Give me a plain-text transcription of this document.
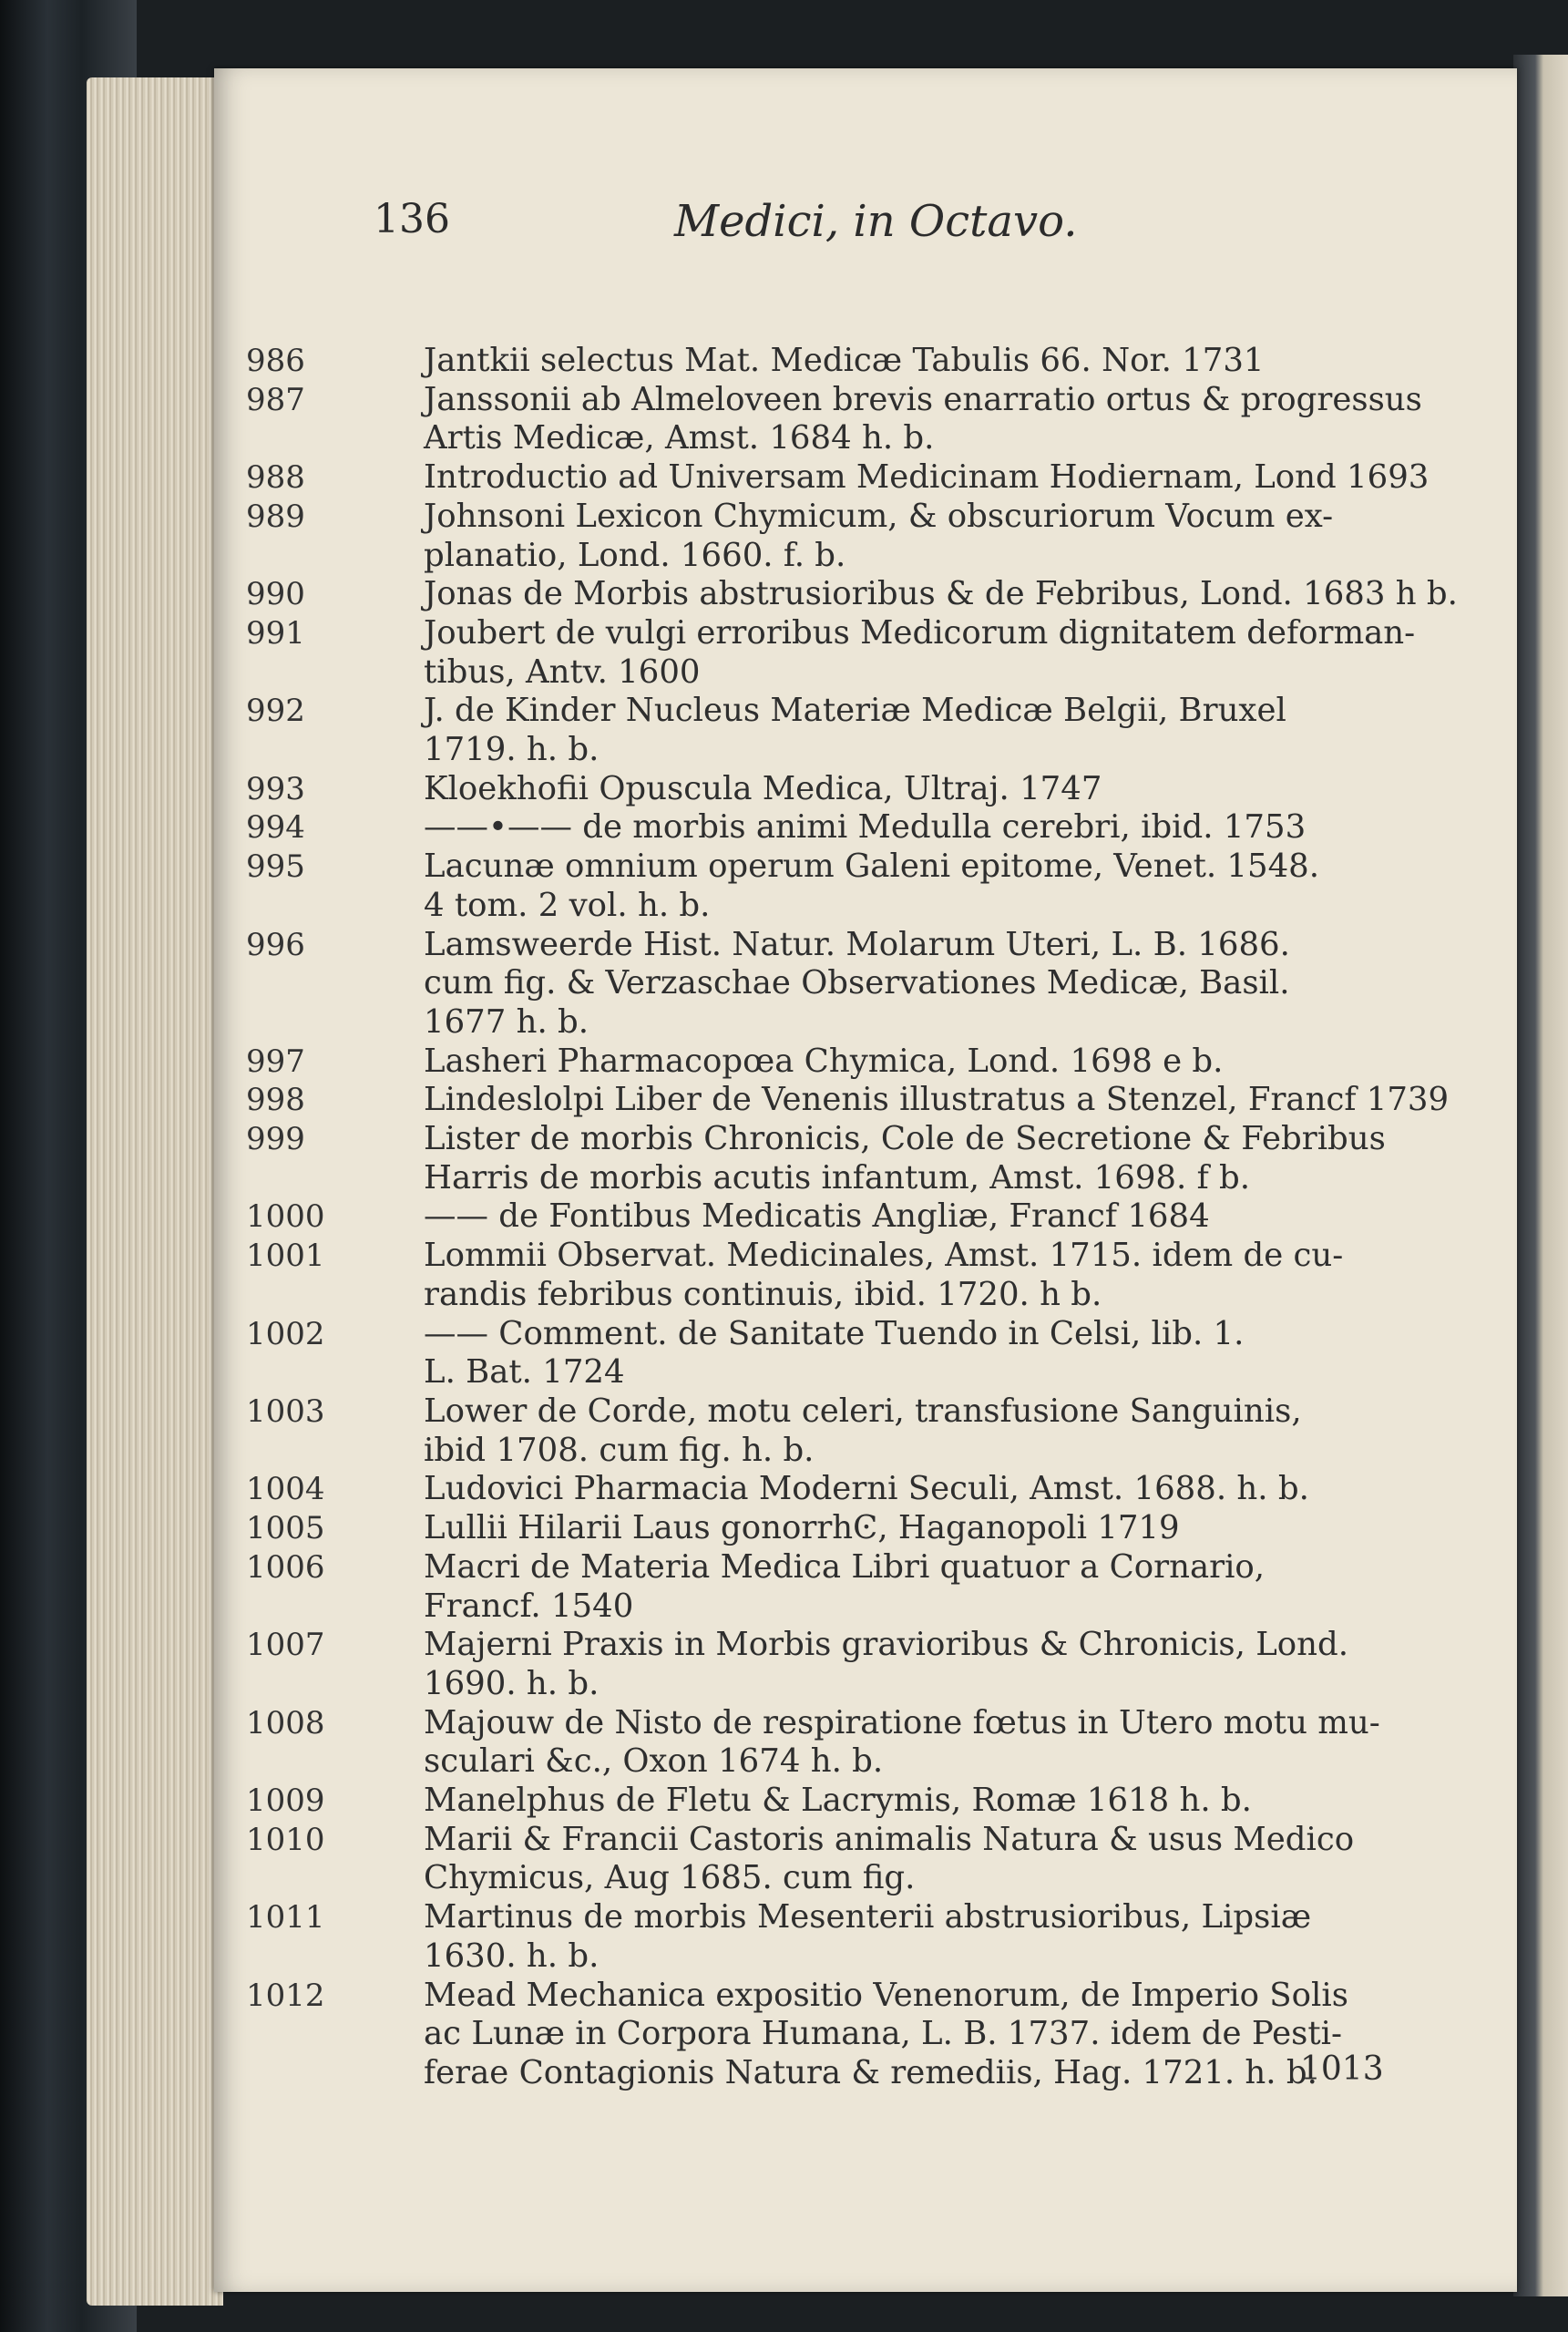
136	Medici, in Octavo.
986	Jantkii selectus Mat. Medicæ Tabulis 66. Nor. 1731
987	Janssonii ab Almeloveen brevis enarratio ortus & progressus
Artis Medicæ, Amst. 1684 h. b.
988	Introductio ad Universam Medicinam Hodiernam, Lond 1693
989	Johnsoni Lexicon Chymicum, & obscuriorum Vocum ex-
planatio, Lond. 1660. f. b.
990	Jonas de Morbis abstrusioribus & de Febribus, Lond. 1683 h b.
991	Joubert de vulgi erroribus Medicorum dignitatem deforman-
tibus, Antv. 1600
992	J. de Kinder Nucleus Materiæ Medicæ Belgii, Bruxel
1719. h. b.
993	Kloekhofii Opuscula Medica, Ultraj. 1747
994	——•—— de morbis animi Medulla cerebri, ibid. 1753
995	Lacunæ omnium operum Galeni epitome, Venet. 1548.
4 tom. 2 vol. h. b.
996	Lamsweerde Hist. Natur. Molarum Uteri, L. B. 1686.
cum fig. & Verzaschae Observationes Medicæ, Basil.
1677 h. b.
997	Lasheri Pharmacopœa Chymica, Lond. 1698 e b.
998	Lindeslolpi Liber de Venenis illustratus a Stenzel, Francf 1739
999	Lister de morbis Chronicis, Cole de Secretione & Febribus
Harris de morbis acutis infantum, Amst. 1698. f b.
1000	—— de Fontibus Medicatis Angliæ, Francf 1684
1001	Lommii Observat. Medicinales, Amst. 1715. idem de cu-
randis febribus continuis, ibid. 1720. h b.
1002	—— Comment. de Sanitate Tuendo in Celsi, lib. 1.
L. Bat. 1724
1003	Lower de Corde, motu celeri, transfusione Sanguinis,
ibid 1708. cum fig. h. b.
1004	Ludovici Pharmacia Moderni Seculi, Amst. 1688. h. b.
1005	Lullii Hilarii Laus gonorrhϾ, Haganopoli 1719
1006	Macri de Materia Medica Libri quatuor a Cornario,
Francf. 1540
1007	Majerni Praxis in Morbis gravioribus & Chronicis, Lond.
1690. h. b.
1008	Majouw de Nisto de respiratione fœtus in Utero motu mu-
sculari &c., Oxon 1674 h. b.
1009	Manelphus de Fletu & Lacrymis, Romæ 1618 h. b.
1010	Marii & Francii Castoris animalis Natura & usus Medico
Chymicus, Aug 1685. cum fig.
1011	Martinus de morbis Mesenterii abstrusioribus, Lipsiæ
1630. h. b.
1012	Mead Mechanica expositio Venenorum, de Imperio Solis
ac Lunæ in Corpora Humana, L. B. 1737. idem de Pesti-
ferae Contagionis Natura & remediis, Hag. 1721. h. b.
1013
